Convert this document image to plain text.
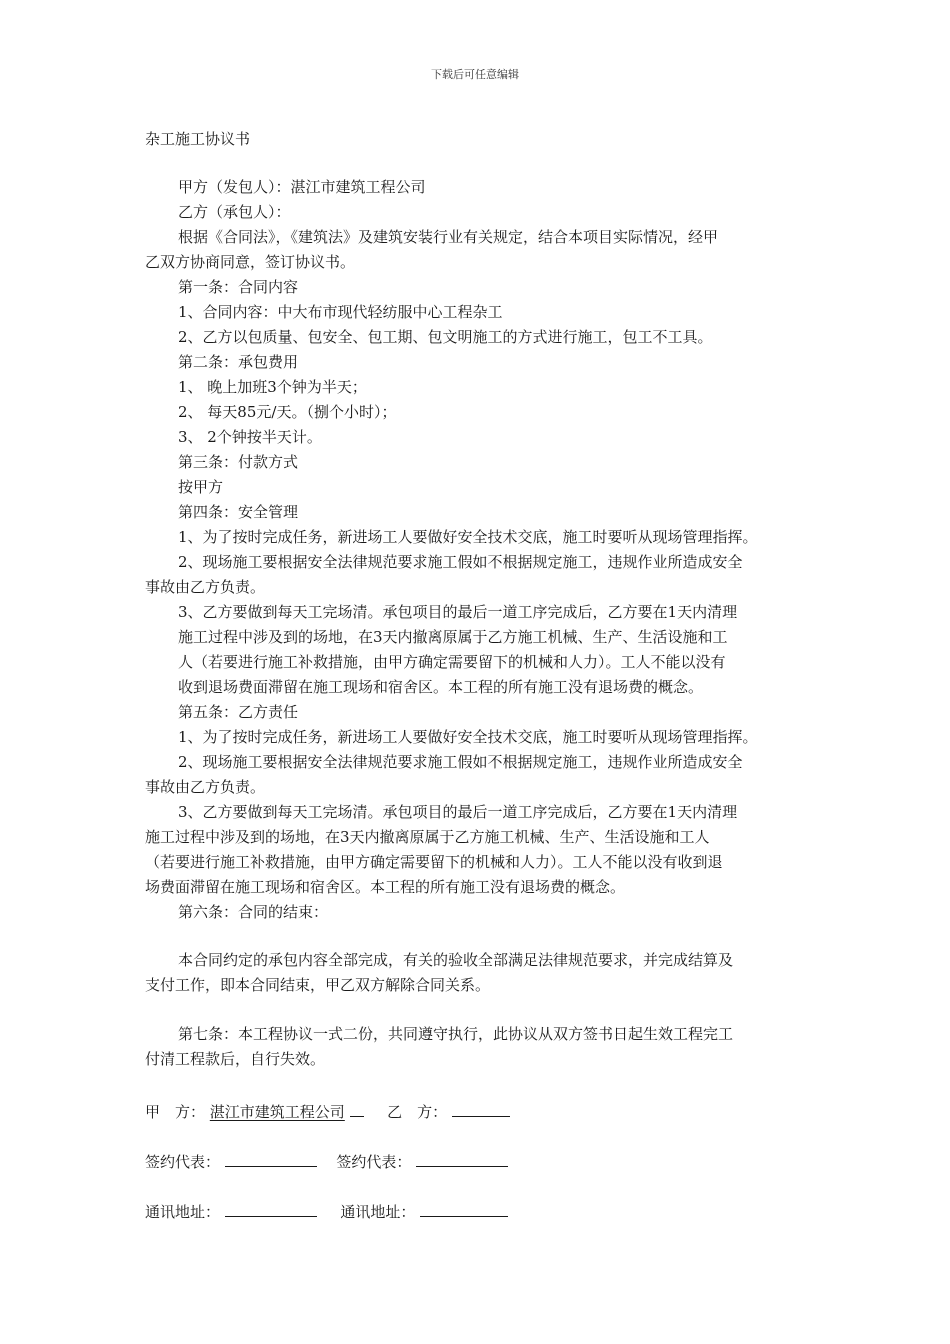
下载后可任意编辑
杂工施工协议书
甲方（发包人）：湛江市建筑工程公司
乙方（承包人）：
根据《合同法》，《建筑法》及建筑安装行业有关规定，结合本项目实际情况，经甲
乙双方协商同意，签订协议书。
第一条：合同内容
1、合同内容：中大布市现代轻纺服中心工程杂工
2、乙方以包质量、包安全、包工期、包文明施工的方式进行施工，包工不工具。
第二条：承包费用
1、 晚上加班3个钟为半天；
2、 每天85元/天。（捌个小时）；
3、 2个钟按半天计。
第三条：付款方式
按甲方
第四条：安全管理
1、为了按时完成任务，新进场工人要做好安全技术交底，施工时要听从现场管理指挥。
2、现场施工要根据安全法律规范要求施工假如不根据规定施工，违规作业所造成安全
事故由乙方负责。
3、乙方要做到每天工完场清。承包项目的最后一道工序完成后，乙方要在1天内清理
施工过程中涉及到的场地，在3天内撤离原属于乙方施工机械、生产、生活设施和工
人（若要进行施工补救措施，由甲方确定需要留下的机械和人力）。工人不能以没有
收到退场费面滞留在施工现场和宿舍区。本工程的所有施工没有退场费的概念。
第五条：乙方责任
1、为了按时完成任务，新进场工人要做好安全技术交底，施工时要听从现场管理指挥。
2、现场施工要根据安全法律规范要求施工假如不根据规定施工，违规作业所造成安全
事故由乙方负责。
3、乙方要做到每天工完场清。承包项目的最后一道工序完成后，乙方要在1天内清理
施工过程中涉及到的场地，在3天内撤离原属于乙方施工机械、生产、生活设施和工人
（若要进行施工补救措施，由甲方确定需要留下的机械和人力）。工人不能以没有收到退
场费面滞留在施工现场和宿舍区。本工程的所有施工没有退场费的概念。
第六条：合同的结束：
本合同约定的承包内容全部完成，有关的验收全部满足法律规范要求，并完成结算及
支付工作，即本合同结束，甲乙双方解除合同关系。
第七条：本工程协议一式二份，共同遵守执行，此协议从双方签书日起生效工程完工
付清工程款后，自行失效。
甲　方： 湛江市建筑工程公司	乙　方：
签约代表：	签约代表：
通讯地址：	通讯地址：
